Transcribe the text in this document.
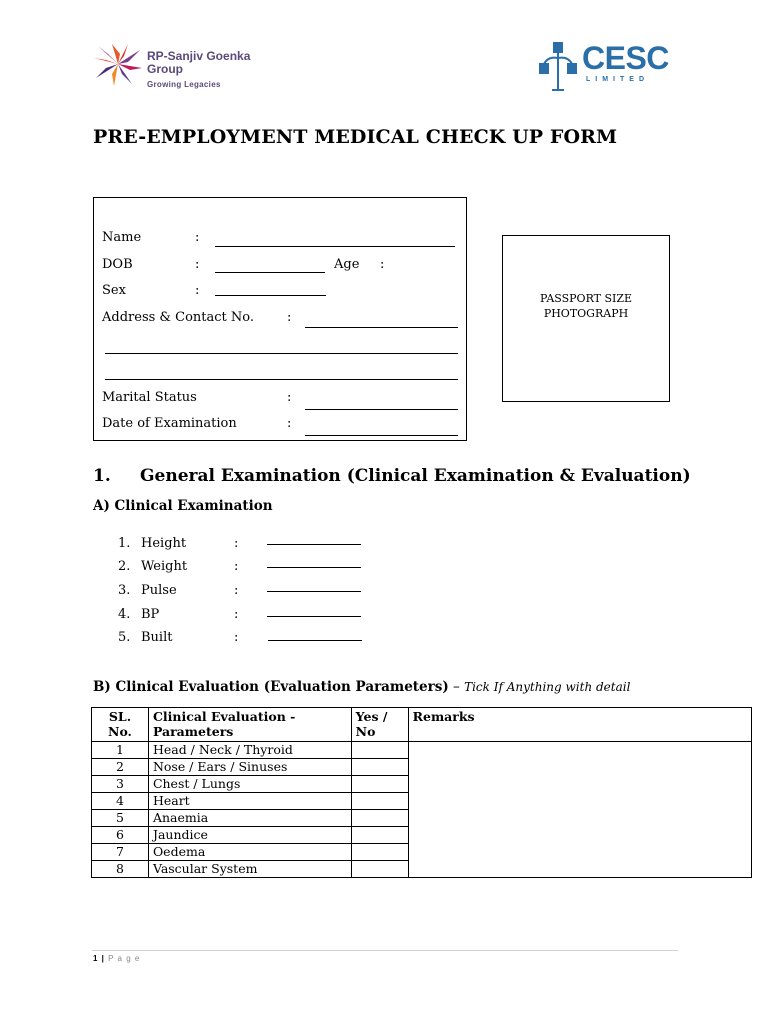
RP-Sanjiv Goenka Group
Growing Legacies
CESC
LIMITED
PRE-EMPLOYMENT MEDICAL CHECK UP FORM
Name	:
DOB	:	Age :
Sex	:
Address & Contact No.	:
Marital Status	:
Date of Examination	:
PASSPORT SIZE
PHOTOGRAPH
1. General Examination (Clinical Examination & Evaluation)
A) Clinical Examination
1. Height	:
2. Weight	:
3. Pulse	:
4. BP	:
5. Built	:
B) Clinical Evaluation (Evaluation Parameters) – Tick If Anything with detail
SL. No.	Clinical Evaluation - Parameters	Yes / No	Remarks
1	Head / Neck / Thyroid		
2	Nose / Ears / Sinuses		
3	Chest / Lungs		
4	Heart		
5	Anaemia		
6	Jaundice		
7	Oedema		
8	Vascular System		
1 | P a g e
